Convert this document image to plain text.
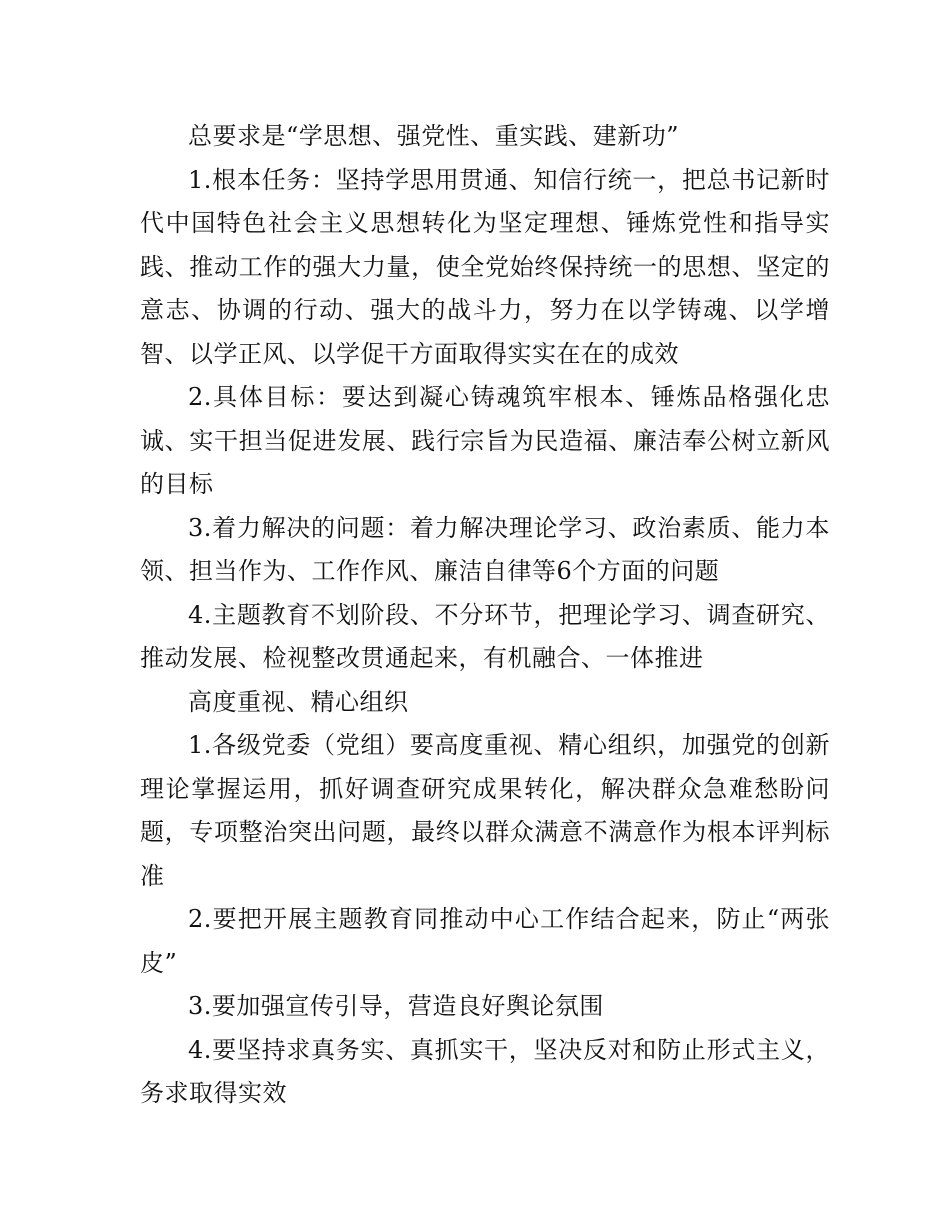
总要求是“学思想、强党性、重实践、建新功”

1.根本任务：坚持学思用贯通、知信行统一，把总书记新时代中国特色社会主义思想转化为坚定理想、锤炼党性和指导实践、推动工作的强大力量，使全党始终保持统一的思想、坚定的意志、协调的行动、强大的战斗力，努力在以学铸魂、以学增智、以学正风、以学促干方面取得实实在在的成效

2.具体目标：要达到凝心铸魂筑牢根本、锤炼品格强化忠诚、实干担当促进发展、践行宗旨为民造福、廉洁奉公树立新风的目标

3.着力解决的问题：着力解决理论学习、政治素质、能力本领、担当作为、工作作风、廉洁自律等6个方面的问题

4.主题教育不划阶段、不分环节，把理论学习、调查研究、推动发展、检视整改贯通起来，有机融合、一体推进

高度重视、精心组织

1.各级党委（党组）要高度重视、精心组织，加强党的创新理论掌握运用，抓好调查研究成果转化，解决群众急难愁盼问题，专项整治突出问题，最终以群众满意不满意作为根本评判标准

2.要把开展主题教育同推动中心工作结合起来，防止“两张皮”

3.要加强宣传引导，营造良好舆论氛围

4.要坚持求真务实、真抓实干，坚决反对和防止形式主义，务求取得实效
